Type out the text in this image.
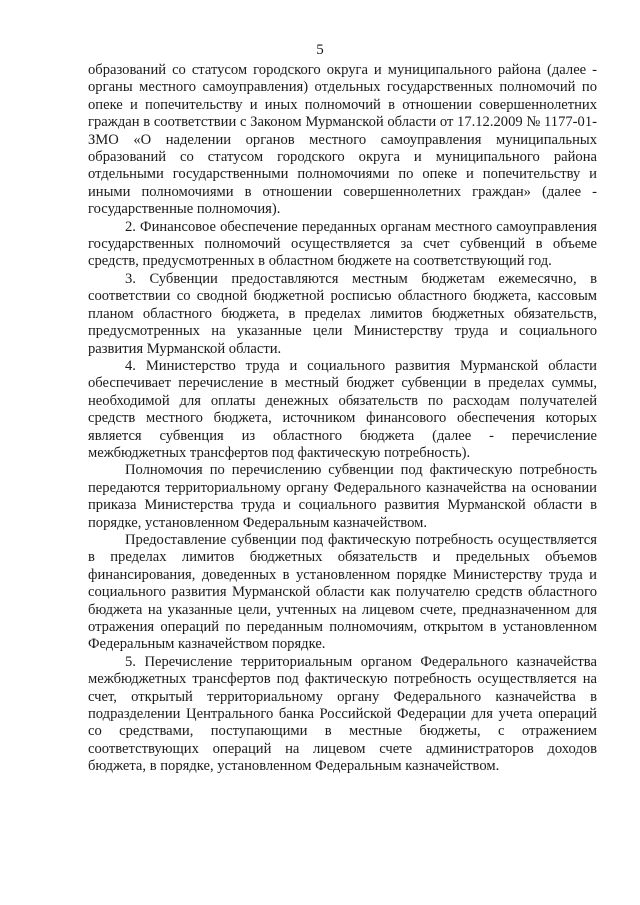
5

образований со статусом городского округа и муниципального района (далее - органы местного самоуправления) отдельных государственных полномочий по опеке и попечительству и иных полномочий в отношении совершеннолетних граждан в соответствии с Законом Мурманской области от 17.12.2009 № 1177-01-ЗМО «О наделении органов местного самоуправления муниципальных образований со статусом городского округа и муниципального района отдельными государственными полномочиями по опеке и попечительству и иными полномочиями в отношении совершеннолетних граждан» (далее - государственные полномочия).

2. Финансовое обеспечение переданных органам местного самоуправления государственных полномочий осуществляется за счет субвенций в объеме средств, предусмотренных в областном бюджете на соответствующий год.

3. Субвенции предоставляются местным бюджетам ежемесячно, в соответствии со сводной бюджетной росписью областного бюджета, кассовым планом областного бюджета, в пределах лимитов бюджетных обязательств, предусмотренных на указанные цели Министерству труда и социального развития Мурманской области.

4. Министерство труда и социального развития Мурманской области обеспечивает перечисление в местный бюджет субвенции в пределах суммы, необходимой для оплаты денежных обязательств по расходам получателей средств местного бюджета, источником финансового обеспечения которых является субвенция из областного бюджета (далее - перечисление межбюджетных трансфертов под фактическую потребность).

Полномочия по перечислению субвенции под фактическую потребность передаются территориальному органу Федерального казначейства на основании приказа Министерства труда и социального развития Мурманской области в порядке, установленном Федеральным казначейством.

Предоставление субвенции под фактическую потребность осуществляется в пределах лимитов бюджетных обязательств и предельных объемов финансирования, доведенных в установленном порядке Министерству труда и социального развития Мурманской области как получателю средств областного бюджета на указанные цели, учтенных на лицевом счете, предназначенном для отражения операций по переданным полномочиям, открытом в установленном Федеральным казначейством порядке.

5. Перечисление территориальным органом Федерального казначейства межбюджетных трансфертов под фактическую потребность осуществляется на счет, открытый территориальному органу Федерального казначейства в подразделении Центрального банка Российской Федерации для учета операций со средствами, поступающими в местные бюджеты, с отражением соответствующих операций на лицевом счете администраторов доходов бюджета, в порядке, установленном Федеральным казначейством.
